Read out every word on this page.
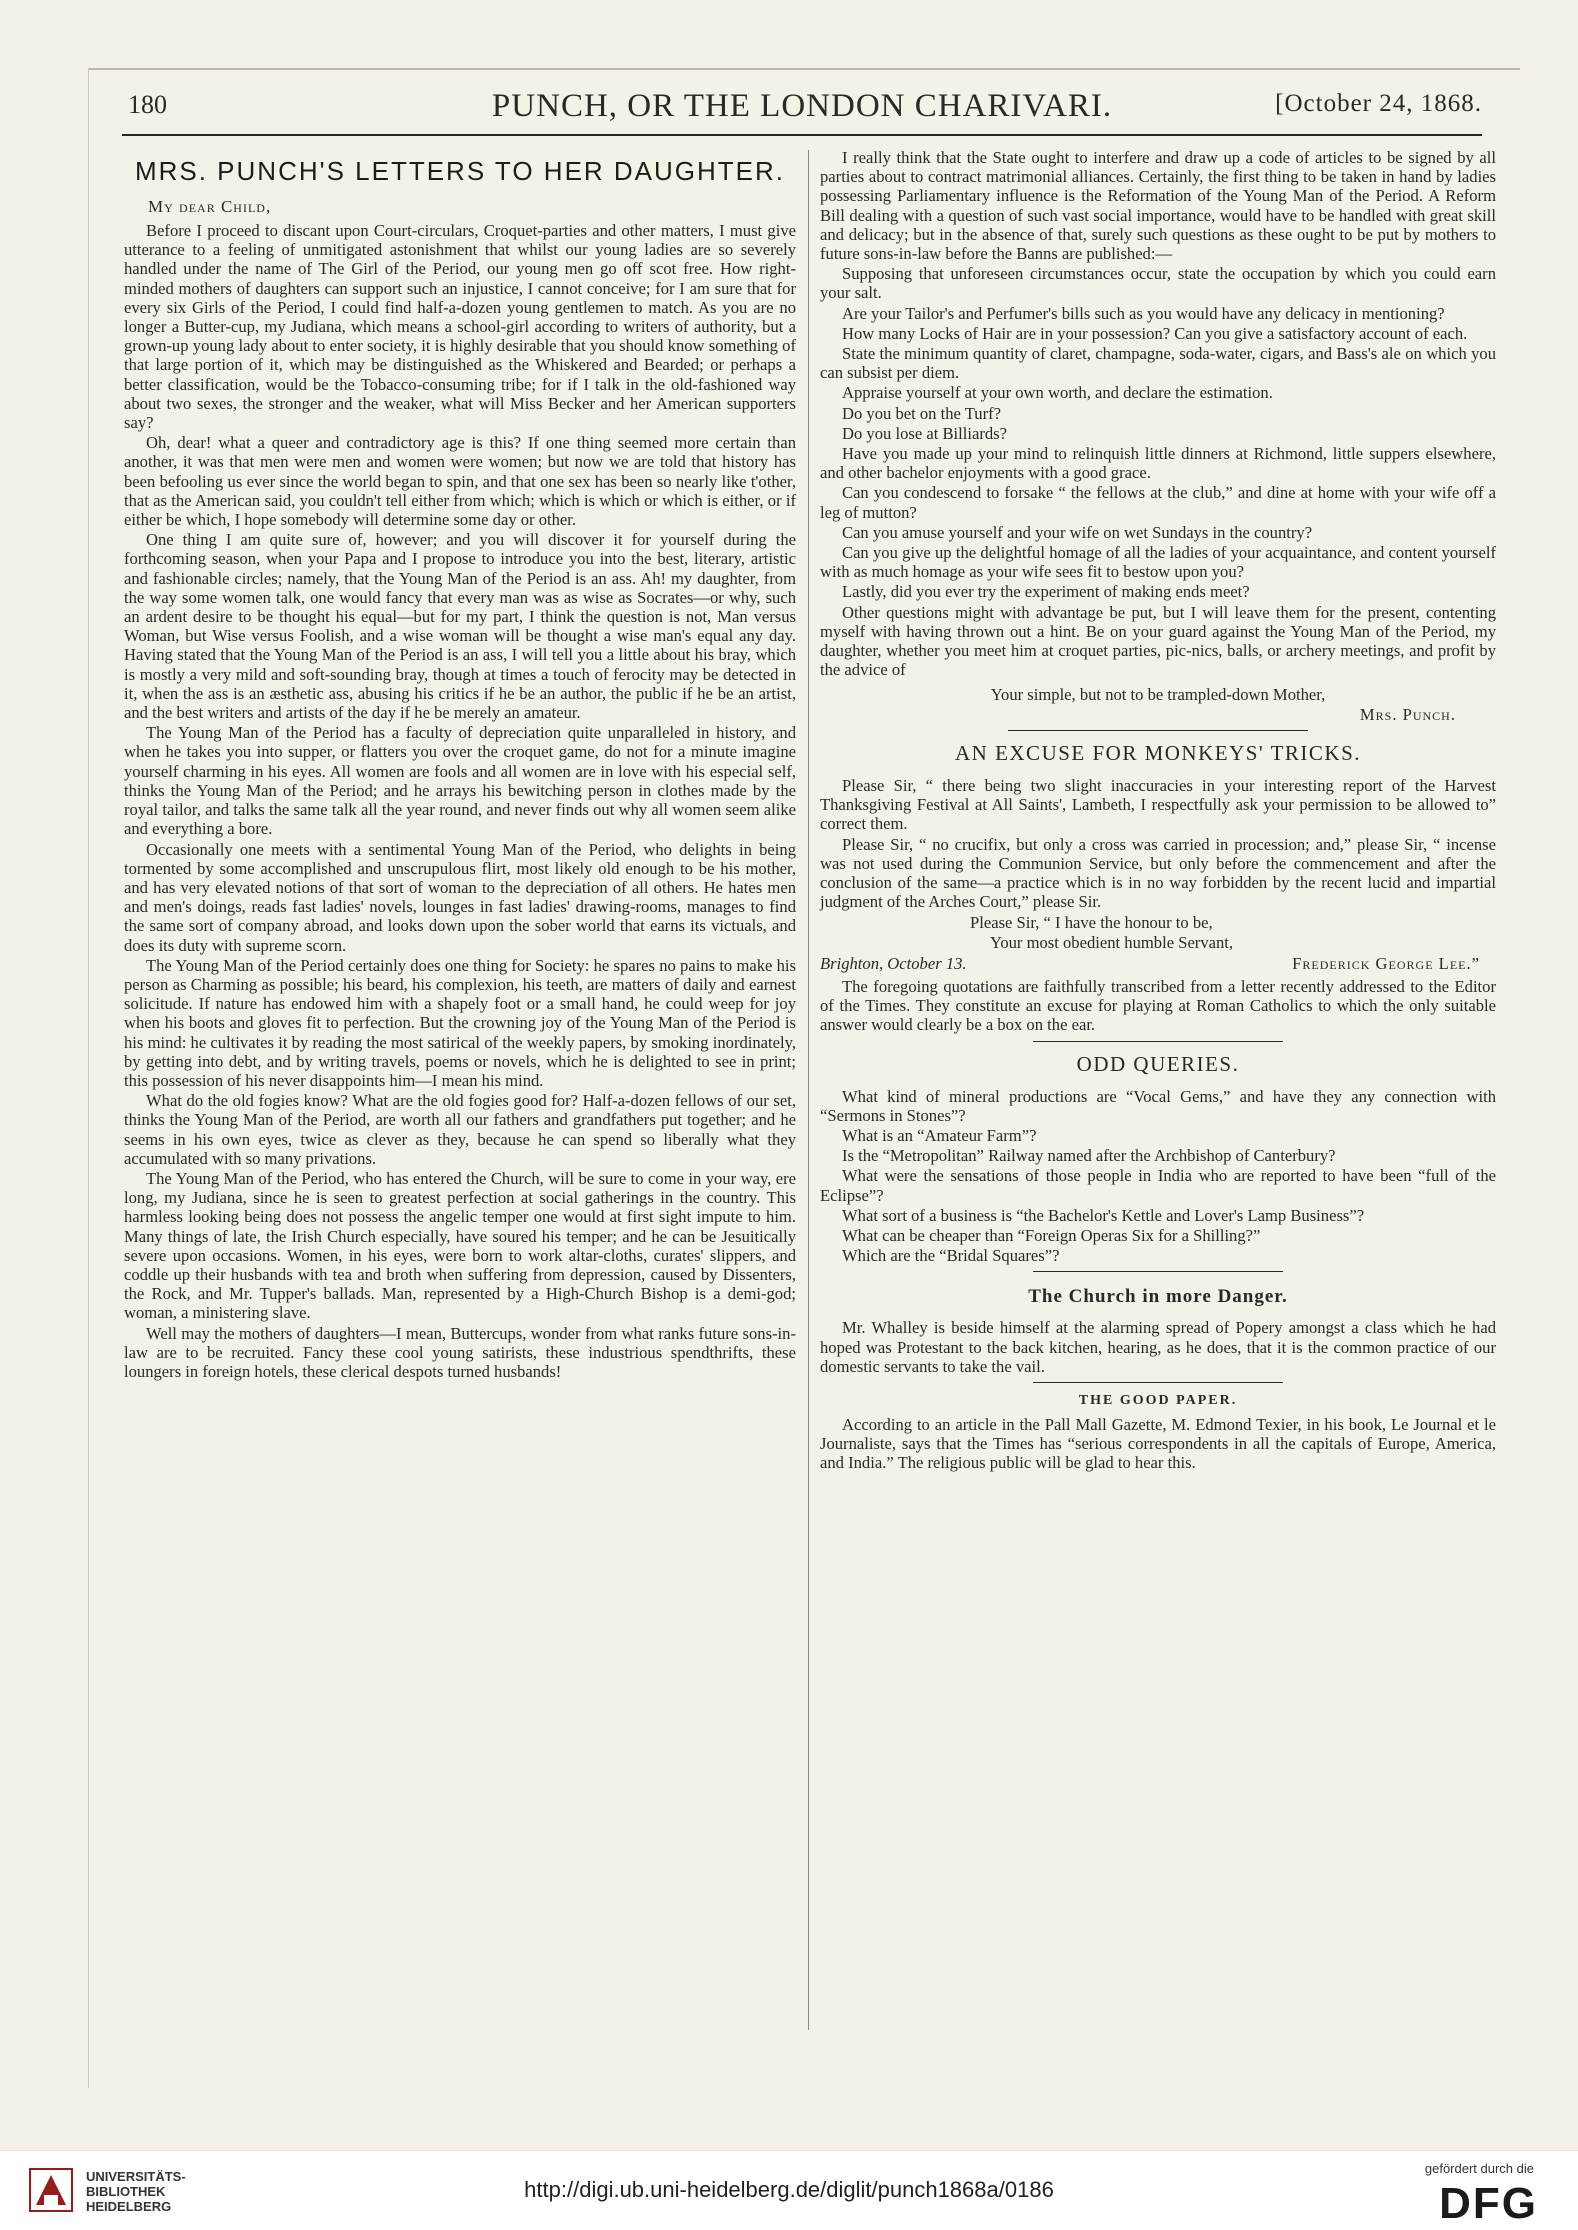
180	PUNCH, OR THE LONDON CHARIVARI.	[October 24, 1868.
MRS. PUNCH'S LETTERS TO HER DAUGHTER.
My dear Child,

Before I proceed to discant upon Court-circulars, Croquet-parties and other matters, I must give utterance to a feeling of unmitigated astonishment that whilst our young ladies are so severely handled under the name of The Girl of the Period, our young men go off scot free. How right-minded mothers of daughters can support such an injustice, I cannot conceive; for I am sure that for every six Girls of the Period, I could find half-a-dozen young gentlemen to match. As you are no longer a Butter-cup, my Judiana, which means a school-girl according to writers of authority, but a grown-up young lady about to enter society, it is highly desirable that you should know something of that large portion of it, which may be distinguished as the Whiskered and Bearded; or perhaps a better classification, would be the Tobacco-consuming tribe; for if I talk in the old-fashioned way about two sexes, the stronger and the weaker, what will Miss Becker and her American supporters say?

Oh, dear! what a queer and contradictory age is this? If one thing seemed more certain than another, it was that men were men and women were women; but now we are told that history has been befooling us ever since the world began to spin, and that one sex has been so nearly like t'other, that as the American said, you couldn't tell either from which; which is which or which is either, or if either be which, I hope somebody will determine some day or other.

One thing I am quite sure of, however; and you will discover it for yourself during the forthcoming season, when your Papa and I propose to introduce you into the best, literary, artistic and fashionable circles; namely, that the Young Man of the Period is an ass. Ah! my daughter, from the way some women talk, one would fancy that every man was as wise as Socrates—or why, such an ardent desire to be thought his equal—but for my part, I think the question is not, Man versus Woman, but Wise versus Foolish, and a wise woman will be thought a wise man's equal any day. Having stated that the Young Man of the Period is an ass, I will tell you a little about his bray, which is mostly a very mild and soft-sounding bray, though at times a touch of ferocity may be detected in it, when the ass is an æsthetic ass, abusing his critics if he be an author, the public if he be an artist, and the best writers and artists of the day if he be merely an amateur.

The Young Man of the Period has a faculty of depreciation quite unparalleled in history, and when he takes you into supper, or flatters you over the croquet game, do not for a minute imagine yourself charming in his eyes. All women are fools and all women are in love with his especial self, thinks the Young Man of the Period; and he arrays his bewitching person in clothes made by the royal tailor, and talks the same talk all the year round, and never finds out why all women seem alike and everything a bore.

Occasionally one meets with a sentimental Young Man of the Period, who delights in being tormented by some accomplished and unscrupulous flirt, most likely old enough to be his mother, and has very elevated notions of that sort of woman to the depreciation of all others. He hates men and men's doings, reads fast ladies' novels, lounges in fast ladies' drawing-rooms, manages to find the same sort of company abroad, and looks down upon the sober world that earns its victuals, and does its duty with supreme scorn.

The Young Man of the Period certainly does one thing for Society: he spares no pains to make his person as Charming as possible; his beard, his complexion, his teeth, are matters of daily and earnest solicitude. If nature has endowed him with a shapely foot or a small hand, he could weep for joy when his boots and gloves fit to perfection. But the crowning joy of the Young Man of the Period is his mind: he cultivates it by reading the most satirical of the weekly papers, by smoking inordinately, by getting into debt, and by writing travels, poems or novels, which he is delighted to see in print; this possession of his never disappoints him—I mean his mind.

What do the old fogies know? What are the old fogies good for? Half-a-dozen fellows of our set, thinks the Young Man of the Period, are worth all our fathers and grandfathers put together; and he seems in his own eyes, twice as clever as they, because he can spend so liberally what they accumulated with so many privations.

The Young Man of the Period, who has entered the Church, will be sure to come in your way, ere long, my Judiana, since he is seen to greatest perfection at social gatherings in the country. This harmless looking being does not possess the angelic temper one would at first sight impute to him. Many things of late, the Irish Church especially, have soured his temper; and he can be Jesuitically severe upon occasions. Women, in his eyes, were born to work altar-cloths, curates' slippers, and coddle up their husbands with tea and broth when suffering from depression, caused by Dissenters, the Rock, and Mr. Tupper's ballads. Man, represented by a High-Church Bishop is a demi-god; woman, a ministering slave.

Well may the mothers of daughters—I mean, Buttercups, wonder from what ranks future sons-in-law are to be recruited. Fancy these cool young satirists, these industrious spendthrifts, these loungers in foreign hotels, these clerical despots turned husbands!

I really think that the State ought to interfere and draw up a code of articles to be signed by all parties about to contract matrimonial alliances. Certainly, the first thing to be taken in hand by ladies possessing Parliamentary influence is the Reformation of the Young Man of the Period. A Reform Bill dealing with a question of such vast social importance, would have to be handled with great skill and delicacy; but in the absence of that, surely such questions as these ought to be put by mothers to future sons-in-law before the Banns are published:—

Supposing that unforeseen circumstances occur, state the occupation by which you could earn your salt.

Are your Tailor's and Perfumer's bills such as you would have any delicacy in mentioning?

How many Locks of Hair are in your possession? Can you give a satisfactory account of each.

State the minimum quantity of claret, champagne, soda-water, cigars, and Bass's ale on which you can subsist per diem.

Appraise yourself at your own worth, and declare the estimation.

Do you bet on the Turf?

Do you lose at Billiards?

Have you made up your mind to relinquish little dinners at Richmond, little suppers elsewhere, and other bachelor enjoyments with a good grace.

Can you condescend to forsake “ the fellows at the club,” and dine at home with your wife off a leg of mutton?

Can you amuse yourself and your wife on wet Sundays in the country?

Can you give up the delightful homage of all the ladies of your acquaintance, and content yourself with as much homage as your wife sees fit to bestow upon you?

Lastly, did you ever try the experiment of making ends meet?

Other questions might with advantage be put, but I will leave them for the present, contenting myself with having thrown out a hint. Be on your guard against the Young Man of the Period, my daughter, whether you meet him at croquet parties, pic-nics, balls, or archery meetings, and profit by the advice of

Your simple, but not to be trampled-down Mother,
Mrs. Punch.
AN EXCUSE FOR MONKEYS' TRICKS.

Please Sir, “ there being two slight inaccuracies in your interesting report of the Harvest Thanksgiving Festival at All Saints', Lambeth, I respectfully ask your permission to be allowed to” correct them.

Please Sir, “ no crucifix, but only a cross was carried in procession; and,” please Sir, “ incense was not used during the Communion Service, but only before the commencement and after the conclusion of the same—a practice which is in no way forbidden by the recent lucid and impartial judgment of the Arches Court,” please Sir.

Please Sir, “ I have the honour to be,
Your most obedient humble Servant,
Brighton, October 13.	Frederick George Lee.”

The foregoing quotations are faithfully transcribed from a letter recently addressed to the Editor of the Times. They constitute an excuse for playing at Roman Catholics to which the only suitable answer would clearly be a box on the ear.

ODD QUERIES.

What kind of mineral productions are “Vocal Gems,” and have they any connection with “Sermons in Stones”?

What is an “Amateur Farm”?

Is the “Metropolitan” Railway named after the Archbishop of Canterbury?

What were the sensations of those people in India who are reported to have been “full of the Eclipse”?

What sort of a business is “the Bachelor's Kettle and Lover's Lamp Business”?

What can be cheaper than “Foreign Operas Six for a Shilling?”

Which are the “Bridal Squares”?

The Church in more Danger.

Mr. Whalley is beside himself at the alarming spread of Popery amongst a class which he had hoped was Protestant to the back kitchen, hearing, as he does, that it is the common practice of our domestic servants to take the vail.

THE GOOD PAPER.

According to an article in the Pall Mall Gazette, M. Edmond Texier, in his book, Le Journal et le Journaliste, says that the Times has “serious correspondents in all the capitals of Europe, America, and India.” The religious public will be glad to hear this.

UNIVERSITÄTS-
BIBLIOTHEK
HEIDELBERG
http://digi.ub.uni-heidelberg.de/diglit/punch1868a/0186
gefördert durch die
DFG
